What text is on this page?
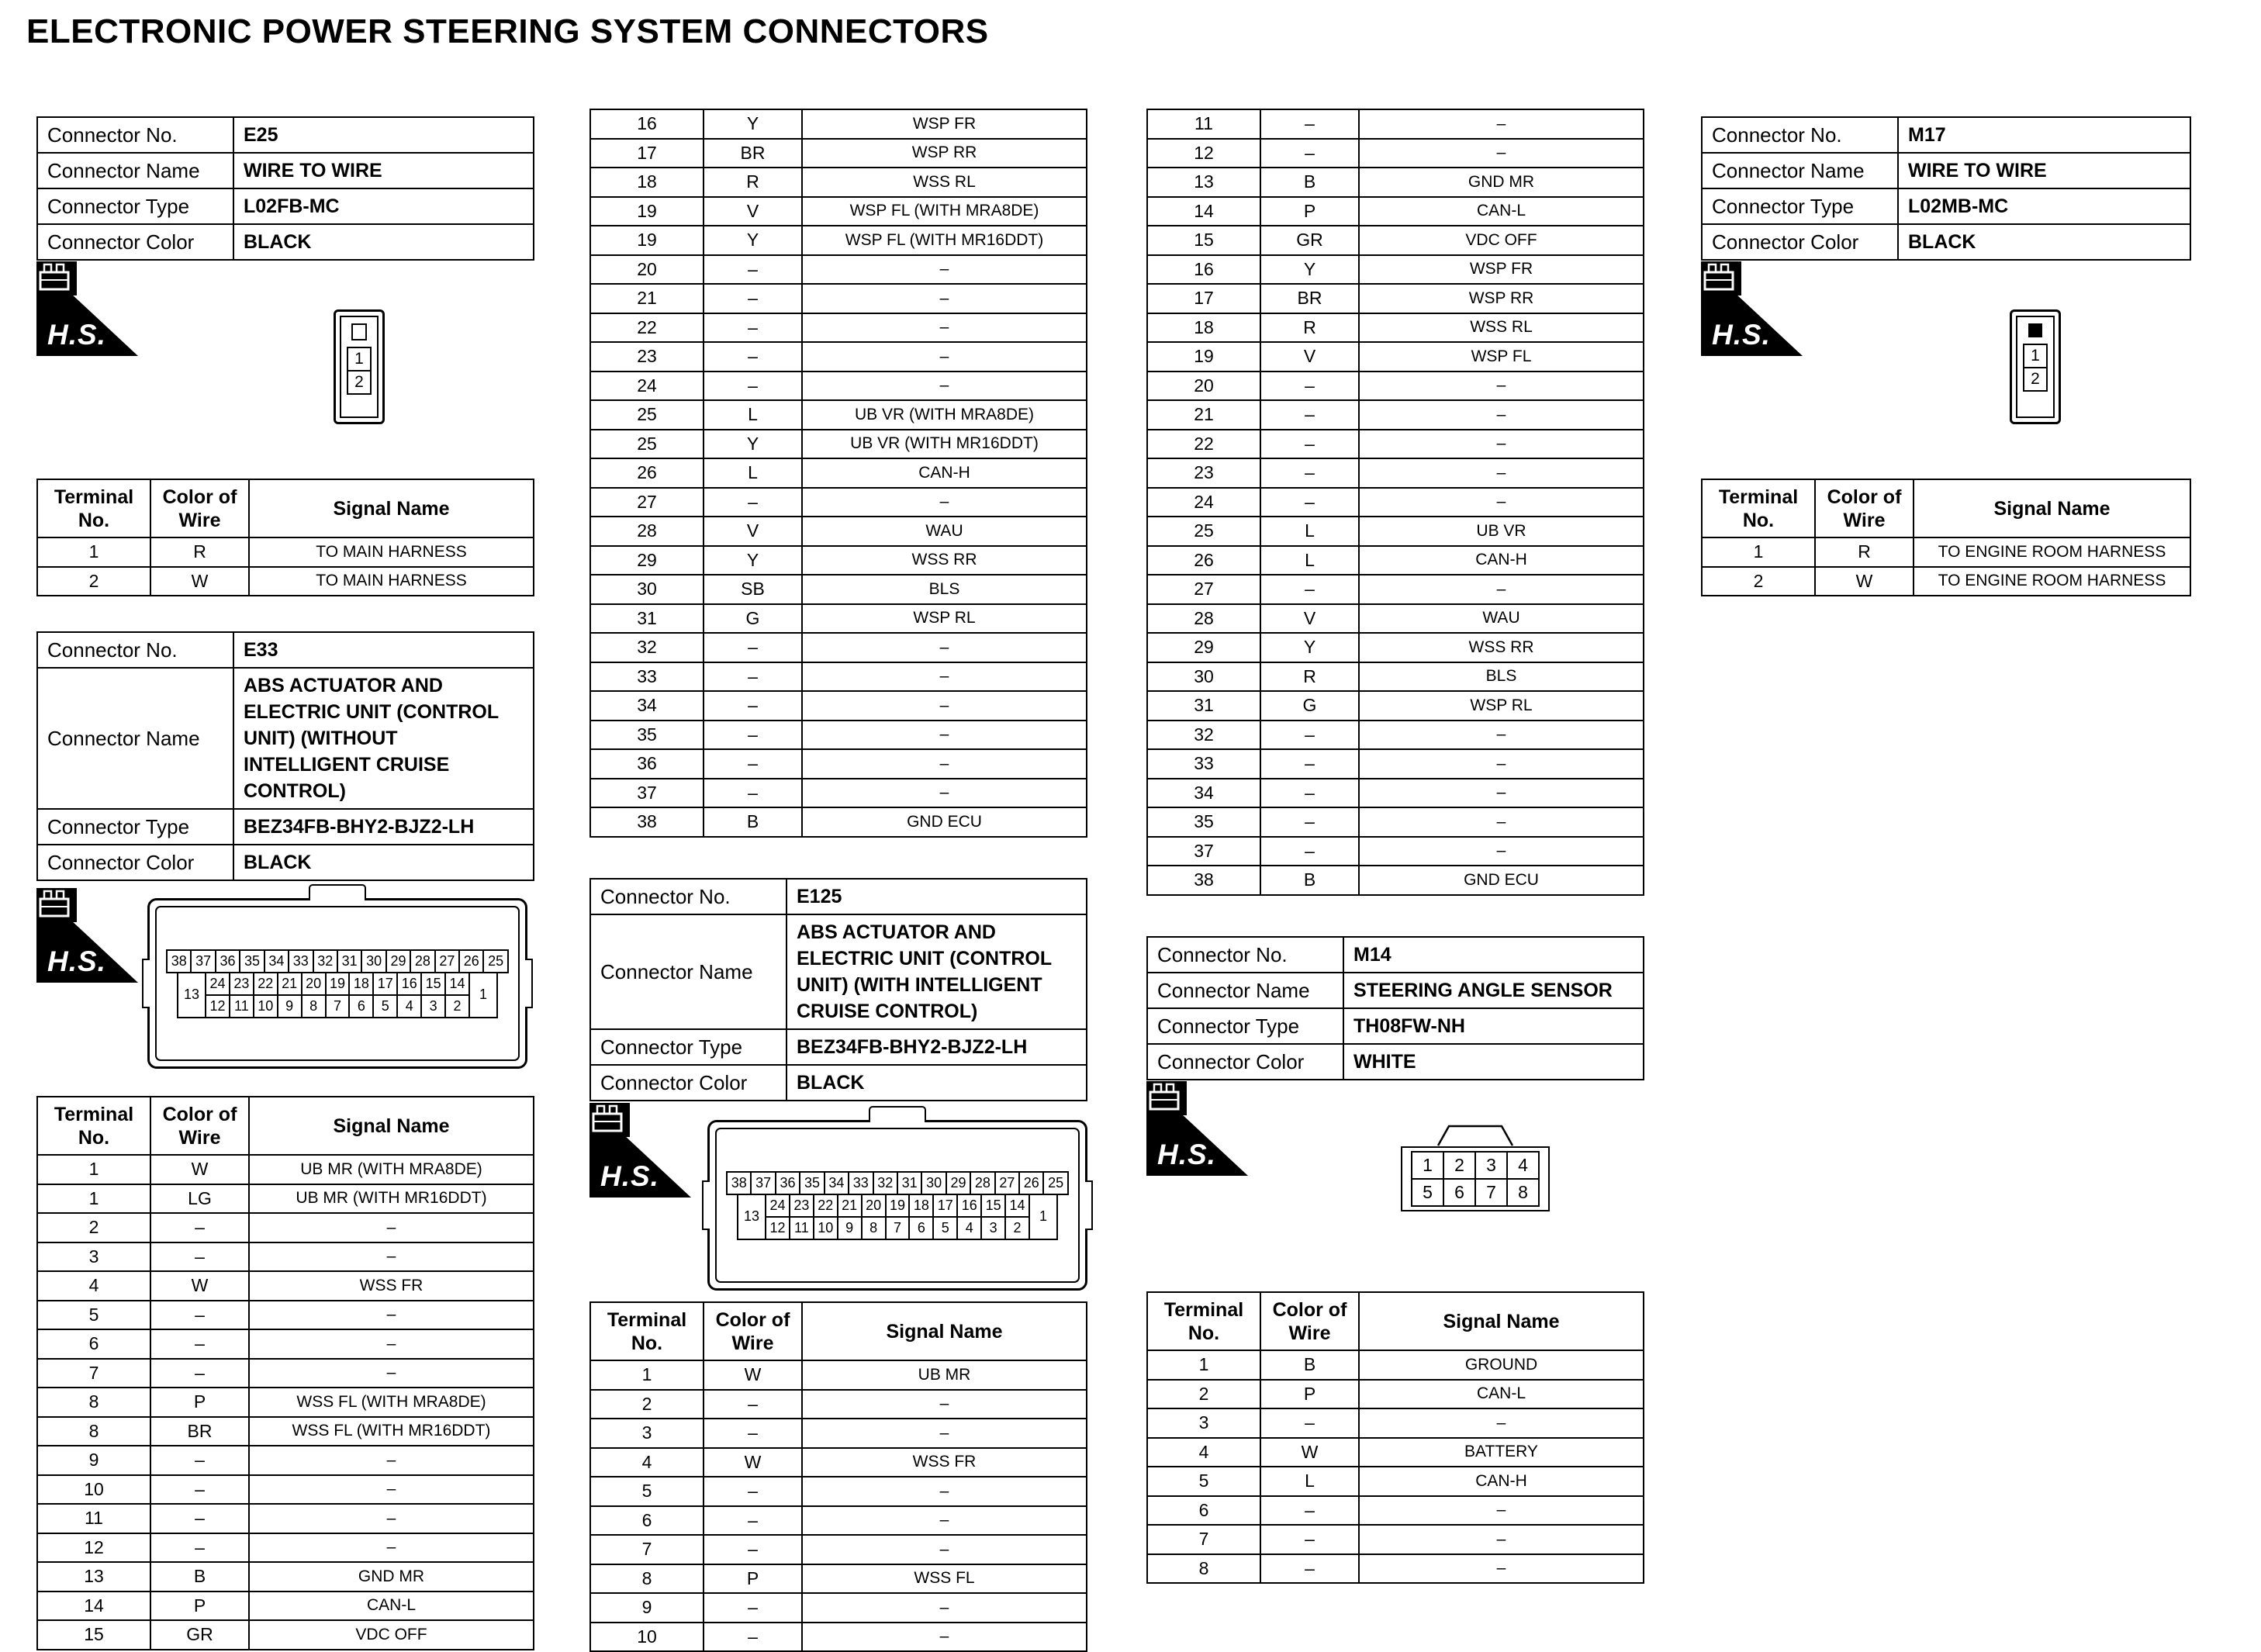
ELECTRONIC POWER STEERING SYSTEM CONNECTORS
Connector No.	E25
Connector Name	WIRE TO WIRE
Connector Type	L02FB-MC
Connector Color	BLACK
H.S.
1
2
Terminal No.	Color of Wire	Signal Name
1	R	TO MAIN HARNESS
2	W	TO MAIN HARNESS
Connector No.	E33
Connector Name	ABS ACTUATOR AND ELECTRIC UNIT (CONTROL UNIT) (WITHOUT INTELLIGENT CRUISE CONTROL)
Connector Type	BEZ34FB-BHY2-BJZ2-LH
Connector Color	BLACK
H.S.	38 37 36 35 34 33 32 31 30 29 28 27 26 25
13
24 23 22 21 20 19 18 17 16 15 14
12 11 10 9	8	7	6	5	4	3	2
1
Terminal No.	Color of Wire	Signal Name
1	W	UB MR (WITH MRA8DE)
1	LG	UB MR (WITH MR16DDT)
2	–	–
3	–	–
4	W	WSS FR
5	–	–
6	–	–
7	–	–
8	P	WSS FL (WITH MRA8DE)
8	BR	WSS FL (WITH MR16DDT)
9	–	–
10	–	–
11	–	–
12	–	–
13	B	GND MR
14	P	CAN-L
15	GR	VDC OFF
16	Y	WSP FR
17	BR	WSP RR
18	R	WSS RL
19	V	WSP FL (WITH MRA8DE)
19	Y	WSP FL (WITH MR16DDT)
20	–	–
21	–	–
22	–	–
23	–	–
24	–	–
25	L	UB VR (WITH MRA8DE)
25	Y	UB VR (WITH MR16DDT)
26	L	CAN-H
27	–	–
28	V	WAU
29	Y	WSS RR
30	SB	BLS
31	G	WSP RL
32	–	–
33	–	–
34	–	–
35	–	–
36	–	–
37	–	–
38	B	GND ECU
Connector No.	E125
Connector Name	ABS ACTUATOR AND ELECTRIC UNIT (CONTROL UNIT) (WITH INTELLIGENT CRUISE CONTROL)
Connector Type	BEZ34FB-BHY2-BJZ2-LH
Connector Color	BLACK
H.S.	38 37 36 35 34 33 32 31 30 29 28 27 26 25
13
24 23 22 21 20 19 18 17 16 15 14
12 11 10 9	8	7	6	5	4	3	2
1
Terminal No.	Color of Wire	Signal Name
1	W	UB MR
2	–	–
3	–	–
4	W	WSS FR
5	–	–
6	–	–
7	–	–
8	P	WSS FL
9	–	–
10	–	–
11	–	–
12	–	–
13	B	GND MR
14	P	CAN-L
15	GR	VDC OFF
16	Y	WSP FR
17	BR	WSP RR
18	R	WSS RL
19	V	WSP FL
20	–	–
21	–	–
22	–	–
23	–	–
24	–	–
25	L	UB VR
26	L	CAN-H
27	–	–
28	V	WAU
29	Y	WSS RR
30	R	BLS
31	G	WSP RL
32	–	–
33	–	–
34	–	–
35	–	–
37	–	–
38	B	GND ECU
Connector No.	M14
Connector Name	STEERING ANGLE SENSOR
Connector Type	TH08FW-NH
Connector Color	WHITE
H.S.	1	2	3	4
5	6	7	8
Terminal No.	Color of Wire	Signal Name
1	B	GROUND
2	P	CAN-L
3	–	–
4	W	BATTERY
5	L	CAN-H
6	–	–
7	–	–
8	–	–
Connector No.	M17
Connector Name	WIRE TO WIRE
Connector Type	L02MB-MC
Connector Color	BLACK
H.S.
1
2
Terminal No.	Color of Wire	Signal Name
1	R	TO ENGINE ROOM HARNESS
2	W	TO ENGINE ROOM HARNESS
